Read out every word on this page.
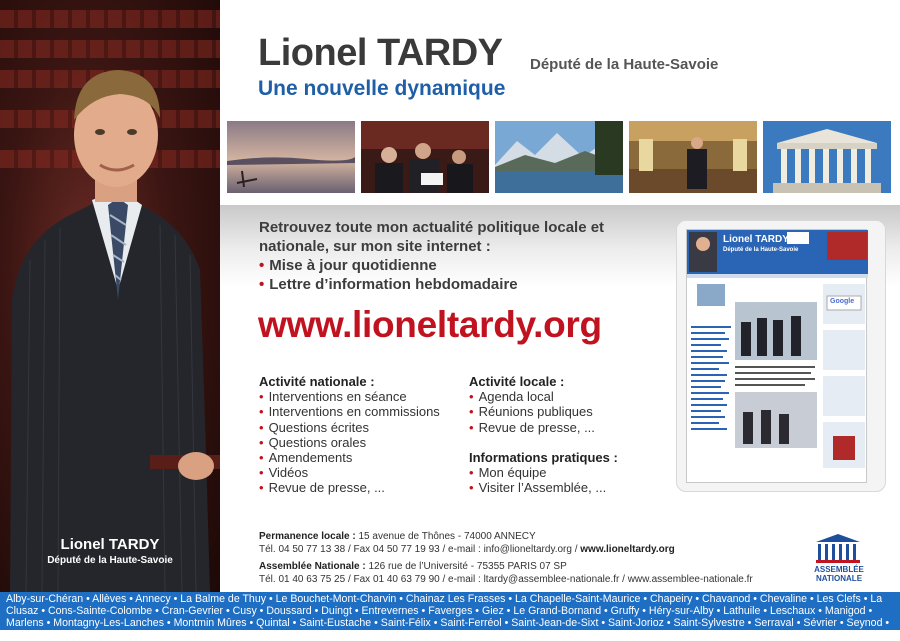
Lionel TARDY
Député de la Haute-Savoie
Lionel TARDY Député de la Haute-Savoie
Une nouvelle dynamique
Retrouvez toute mon actualité politique locale et nationale, sur mon site internet :
• Mise à jour quotidienne
• Lettre d’information hebdomadaire
www.lioneltardy.org
Activité nationale :
• Interventions en séance
• Interventions en commissions
• Questions écrites
• Questions orales
• Amendements
• Vidéos
• Revue de presse, ...
Activité locale :
• Agenda local
• Réunions publiques
• Revue de presse, ...
Informations pratiques :
• Mon équipe
• Visiter l’Assemblée, ...
Lionel TARDY
Député de la Haute-Savoie
Google
Permanence locale : 15 avenue de Thônes - 74000 ANNECY
Tél. 04 50 77 13 38 / Fax 04 50 77 19 93 / e-mail : info@lioneltardy.org / www.lioneltardy.org
Assemblée Nationale : 126 rue de l’Université - 75355 PARIS 07 SP
Tél. 01 40 63 75 25 / Fax 01 40 63 79 90 / e-mail : ltardy@assemblee-nationale.fr / www.assemblee-nationale.fr
ASSEMBLÉE NATIONALE
Alby-sur-Chéran • Allèves • Annecy • La Balme de Thuy • Le Bouchet-Mont-Charvin • Chainaz Les Frasses • La Chapelle-Saint-Maurice • Chapeiry • Chavanod • Chevaline • Les Clefs • La Clusaz • Cons-Sainte-Colombe • Cran-Gevrier • Cusy • Doussard • Duingt • Entrevernes • Faverges • Giez • Le Grand-Bornand • Gruffy • Héry-sur-Alby • Lathuile • Leschaux • Manigod • Marlens • Montagny-Les-Lanches • Montmin Mûres • Quintal • Saint-Eustache • Saint-Félix • Saint-Ferréol • Saint-Jean-de-Sixt • Saint-Jorioz • Saint-Sylvestre • Serraval • Sévrier • Seynod • Seythenex • Thônes • Les-Villards-sur-Thônes • Viuz-la-Chiésaz
